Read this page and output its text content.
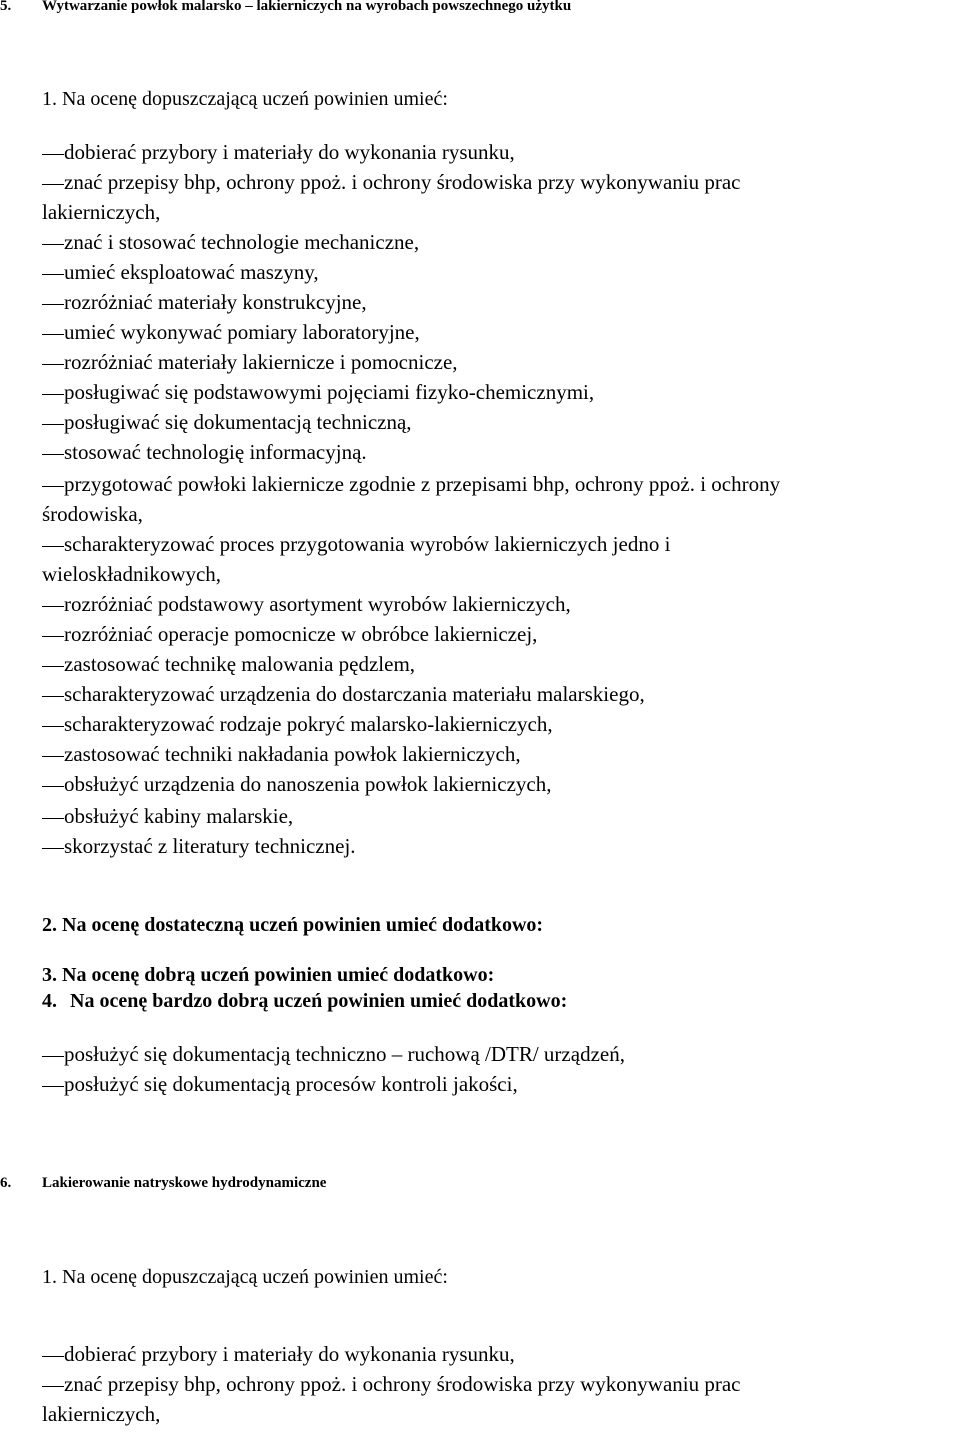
5. Wytwarzanie powłok malarsko – lakierniczych na wyrobach powszechnego użytku
1. Na ocenę dopuszczającą uczeń powinien umieć:
dobierać przybory i materiały do wykonania rysunku,
znać przepisy bhp, ochrony ppoż. i ochrony środowiska przy wykonywaniu prac
lakierniczych,
znać i stosować technologie mechaniczne,
umieć eksploatować maszyny,
rozróżniać materiały konstrukcyjne,
umieć wykonywać pomiary laboratoryjne,
rozróżniać materiały lakiernicze i pomocnicze,
posługiwać się podstawowymi pojęciami fizyko-chemicznymi,
posługiwać się dokumentacją techniczną,
stosować technologię informacyjną.
przygotować powłoki lakiernicze zgodnie z przepisami bhp, ochrony ppoż. i ochrony
środowiska,
scharakteryzować proces przygotowania wyrobów lakierniczych jedno i
wieloskładnikowych,
rozróżniać podstawowy asortyment wyrobów lakierniczych,
rozróżniać operacje pomocnicze w obróbce lakierniczej,
zastosować technikę malowania pędzlem,
scharakteryzować urządzenia do dostarczania materiału malarskiego,
scharakteryzować rodzaje pokryć malarsko-lakierniczych,
zastosować techniki nakładania powłok lakierniczych,
obsłużyć urządzenia do nanoszenia powłok lakierniczych,
obsłużyć kabiny malarskie,
skorzystać z literatury technicznej.
2. Na ocenę dostateczną uczeń powinien umieć dodatkowo:
3. Na ocenę dobrą uczeń powinien umieć dodatkowo:
4. Na ocenę bardzo dobrą uczeń powinien umieć dodatkowo:
posłużyć się dokumentacją techniczno – ruchową /DTR/ urządzeń,
posłużyć się dokumentacją procesów kontroli jakości,
6. Lakierowanie natryskowe hydrodynamiczne
1. Na ocenę dopuszczającą uczeń powinien umieć:
dobierać przybory i materiały do wykonania rysunku,
znać przepisy bhp, ochrony ppoż. i ochrony środowiska przy wykonywaniu prac
lakierniczych,
